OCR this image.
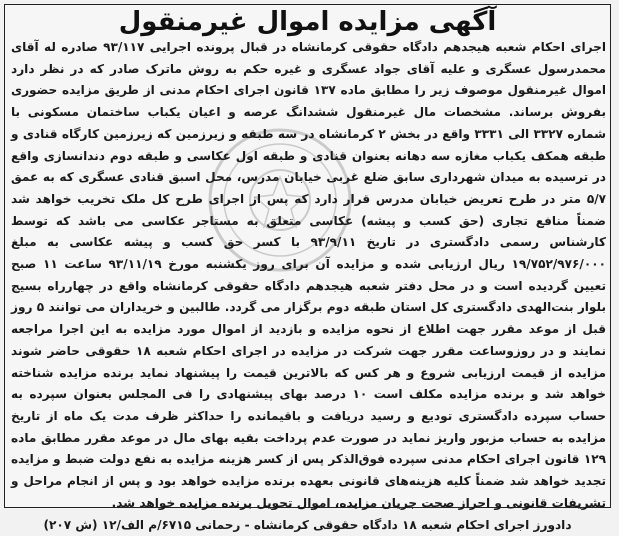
آگهی مزایده اموال غیرمنقول

اجرای احکام شعبه هیجدهم دادگاه حقوقی کرمانشاه در قبال پرونده اجرایی ۹۳/۱۱۷ صادره له آقای محمدرسول عسگری و علیه آقای جواد عسگری و غیره حکم به روش ماترک صادر که در نظر دارد اموال غیرمنقول موصوف زیر را مطابق ماده ۱۳۷ قانون اجرای احکام مدنی از طریق مزایده حضوری بفروش برساند. مشخصات مال غیرمنقول ششدانگ عرصه و اعیان یکباب ساختمان مسکونی با شماره ۳۳۲۷ الی ۳۳۳۱ واقع در بخش ۲ کرمانشاه در سه طبقه و زیرزمین که زیرزمین کارگاه قنادی و طبقه همکف یکباب مغازه سه دهانه بعنوان قنادی و طبقه اول عکاسی و طبقه دوم دندانسازی واقع در ترسیده به میدان شهرداری سابق ضلع غربی خیابان مدرس، محل اسبق قنادی عسگری که به عمق ۵/۷ متر در طرح تعریض خیابان مدرس قرار دارد که پس از اجرای طرح کل ملک تخریب خواهد شد ضمناً منافع تجاری (حق کسب و پیشه) عکاسی متعلق به مستاجر عکاسی می باشد که توسط کارشناس رسمی دادگستری در تاریخ ۹۳/۹/۱۱ با کسر حق کسب و پیشه عکاسی به مبلغ ۱۹/۷۵۲/۹۷۶/۰۰۰ ریال ارزیابی شده و مزایده آن برای روز یکشنبه مورخ ۹۳/۱۱/۱۹ ساعت ۱۱ صبح تعیین گردیده است و در محل دفتر شعبه هیجدهم دادگاه حقوقی کرمانشاه واقع در چهارراه بسیج بلوار بنت‌الهدی دادگستری کل استان طبقه دوم برگزار می گردد. طالبین و خریداران می توانند ۵ روز قبل از موعد مقرر جهت اطلاع از نحوه مزایده و بازدید از اموال مورد مزایده به این اجرا مراجعه نمایند و در روزوساعت مقرر جهت شرکت در مزایده در اجرای احکام شعبه ۱۸ حقوقی حاضر شوند مزایده از قیمت ارزیابی شروع و هر کس که بالاترین قیمت را پیشنهاد نماید برنده مزایده شناخته خواهد شد و برنده مزایده مکلف است ۱۰ درصد بهای پیشنهادی را فی المجلس بعنوان سپرده به حساب سپرده دادگستری تودیع و رسید دریافت و باقیمانده را حداکثر ظرف مدت یک ماه از تاریخ مزایده به حساب مزبور واریز نماید در صورت عدم پرداخت بقیه بهای مال در موعد مقرر مطابق ماده ۱۲۹ قانون اجرای احکام مدنی سپرده فوق‌الذکر پس از کسر هزینه مزایده به نفع دولت ضبط و مزایده تجدید خواهد شد ضمناً کلیه هزینه‌های قانونی بعهده برنده مزایده خواهد بود و پس از انجام مراحل و تشریفات قانونی و احراز صحت جریان مزایده، اموال تحویل برنده مزایده خواهد شد.

دادورز اجرای احکام شعبه ۱۸ دادگاه حقوقی کرمانشاه - رحمانی ۶۷۱۵/م الف/۱۲ (ش ۲۰۷)
